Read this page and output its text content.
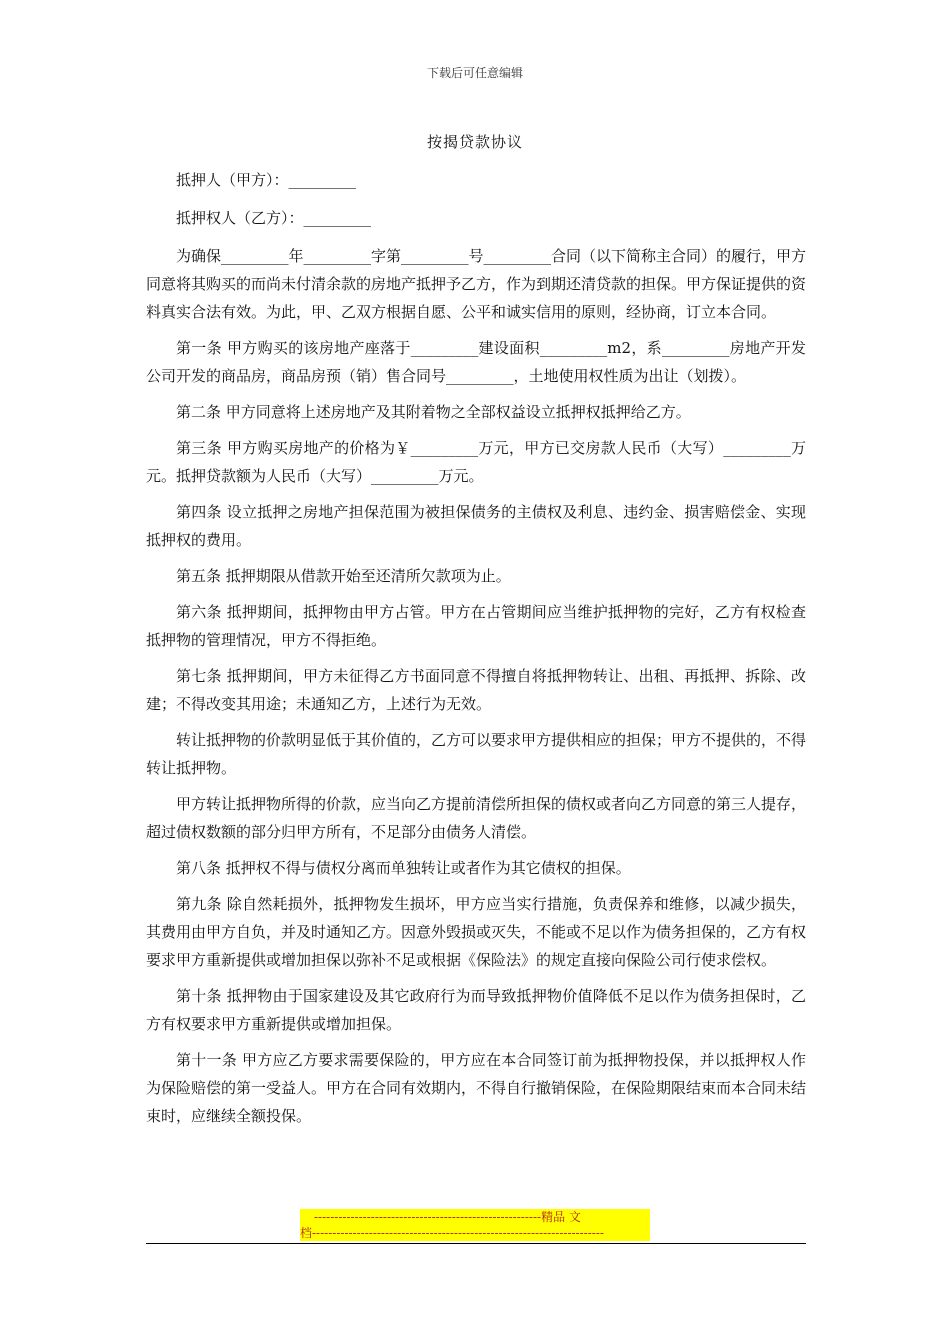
下载后可任意编辑
按揭贷款协议

抵押人（甲方）：_________

抵押权人（乙方）：_________

为确保_________年_________字第_________号_________合同（以下简称主合同）的履行，甲方同意将其购买的而尚未付清余款的房地产抵押予乙方，作为到期还清贷款的担保。甲方保证提供的资料真实合法有效。为此，甲、乙双方根据自愿、公平和诚实信用的原则，经协商，订立本合同。

第一条 甲方购买的该房地产座落于_________建设面积_________m2，系_________房地产开发公司开发的商品房，商品房预（销）售合同号_________，土地使用权性质为出让（划拨）。

第二条 甲方同意将上述房地产及其附着物之全部权益设立抵押权抵押给乙方。

第三条 甲方购买房地产的价格为￥_________万元，甲方已交房款人民币（大写）_________万元。抵押贷款额为人民币（大写）_________万元。

第四条 设立抵押之房地产担保范围为被担保债务的主债权及利息、违约金、损害赔偿金、实现抵押权的费用。

第五条 抵押期限从借款开始至还清所欠款项为止。

第六条 抵押期间，抵押物由甲方占管。甲方在占管期间应当维护抵押物的完好，乙方有权检查抵押物的管理情况，甲方不得拒绝。

第七条 抵押期间，甲方未征得乙方书面同意不得擅自将抵押物转让、出租、再抵押、拆除、改建；不得改变其用途；未通知乙方，上述行为无效。

转让抵押物的价款明显低于其价值的，乙方可以要求甲方提供相应的担保；甲方不提供的，不得转让抵押物。

甲方转让抵押物所得的价款，应当向乙方提前清偿所担保的债权或者向乙方同意的第三人提存，超过债权数额的部分归甲方所有，不足部分由债务人清偿。

第八条 抵押权不得与债权分离而单独转让或者作为其它债权的担保。

第九条 除自然耗损外，抵押物发生损坏，甲方应当实行措施，负责保养和维修，以减少损失，其费用由甲方自负，并及时通知乙方。因意外毁损或灭失，不能或不足以作为债务担保的，乙方有权要求甲方重新提供或增加担保以弥补不足或根据《保险法》的规定直接向保险公司行使求偿权。

第十条 抵押物由于国家建设及其它政府行为而导致抵押物价值降低不足以作为债务担保时，乙方有权要求甲方重新提供或增加担保。

第十一条 甲方应乙方要求需要保险的，甲方应在本合同签订前为抵押物投保，并以抵押权人作为保险赔偿的第一受益人。甲方在合同有效期内，不得自行撤销保险，在保险期限结束而本合同未结束时，应继续全额投保。

--------------------------------------------------------精品 文
档------------------------------------------------------------------------
